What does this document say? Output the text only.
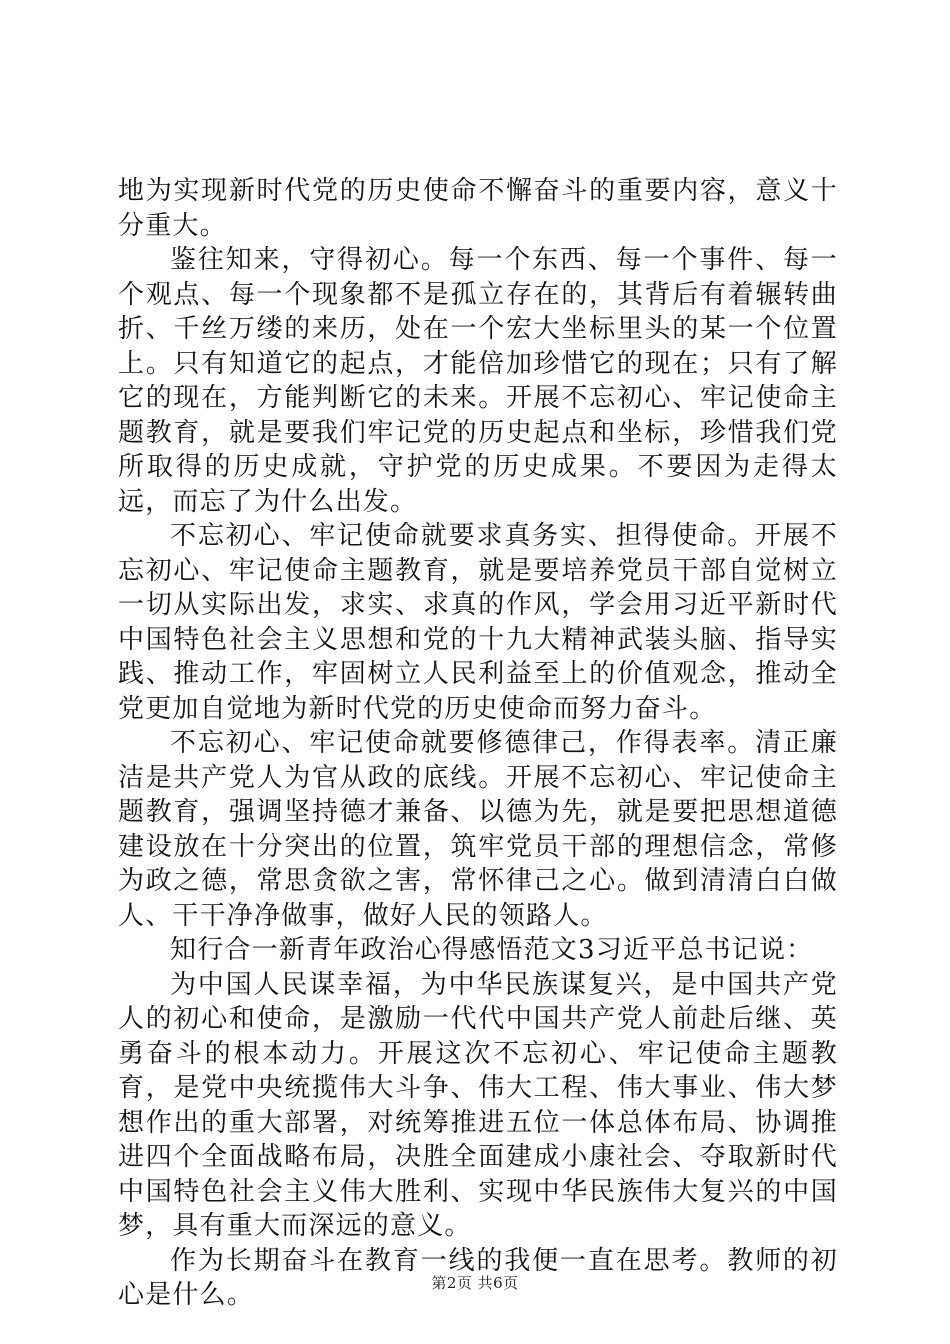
地为实现新时代党的历史使命不懈奋斗的重要内容，意义十分重大。

鉴往知来，守得初心。每一个东西、每一个事件、每一个观点、每一个现象都不是孤立存在的，其背后有着辗转曲折、千丝万缕的来历，处在一个宏大坐标里头的某一个位置上。只有知道它的起点，才能倍加珍惜它的现在；只有了解它的现在，方能判断它的未来。开展不忘初心、牢记使命主题教育，就是要我们牢记党的历史起点和坐标，珍惜我们党所取得的历史成就，守护党的历史成果。不要因为走得太远，而忘了为什么出发。

不忘初心、牢记使命就要求真务实、担得使命。开展不忘初心、牢记使命主题教育，就是要培养党员干部自觉树立一切从实际出发，求实、求真的作风，学会用习近平新时代中国特色社会主义思想和党的十九大精神武装头脑、指导实践、推动工作，牢固树立人民利益至上的价值观念，推动全党更加自觉地为新时代党的历史使命而努力奋斗。

不忘初心、牢记使命就要修德律己，作得表率。清正廉洁是共产党人为官从政的底线。开展不忘初心、牢记使命主题教育，强调坚持德才兼备、以德为先，就是要把思想道德建设放在十分突出的位置，筑牢党员干部的理想信念，常修为政之德，常思贪欲之害，常怀律己之心。做到清清白白做人、干干净净做事，做好人民的领路人。

知行合一新青年政治心得感悟范文3习近平总书记说：

为中国人民谋幸福，为中华民族谋复兴，是中国共产党人的初心和使命，是激励一代代中国共产党人前赴后继、英勇奋斗的根本动力。开展这次不忘初心、牢记使命主题教育，是党中央统揽伟大斗争、伟大工程、伟大事业、伟大梦想作出的重大部署，对统筹推进五位一体总体布局、协调推进四个全面战略布局，决胜全面建成小康社会、夺取新时代中国特色社会主义伟大胜利、实现中华民族伟大复兴的中国梦，具有重大而深远的意义。

作为长期奋斗在教育一线的我便一直在思考。教师的初心是什么。	第2页 共6页
